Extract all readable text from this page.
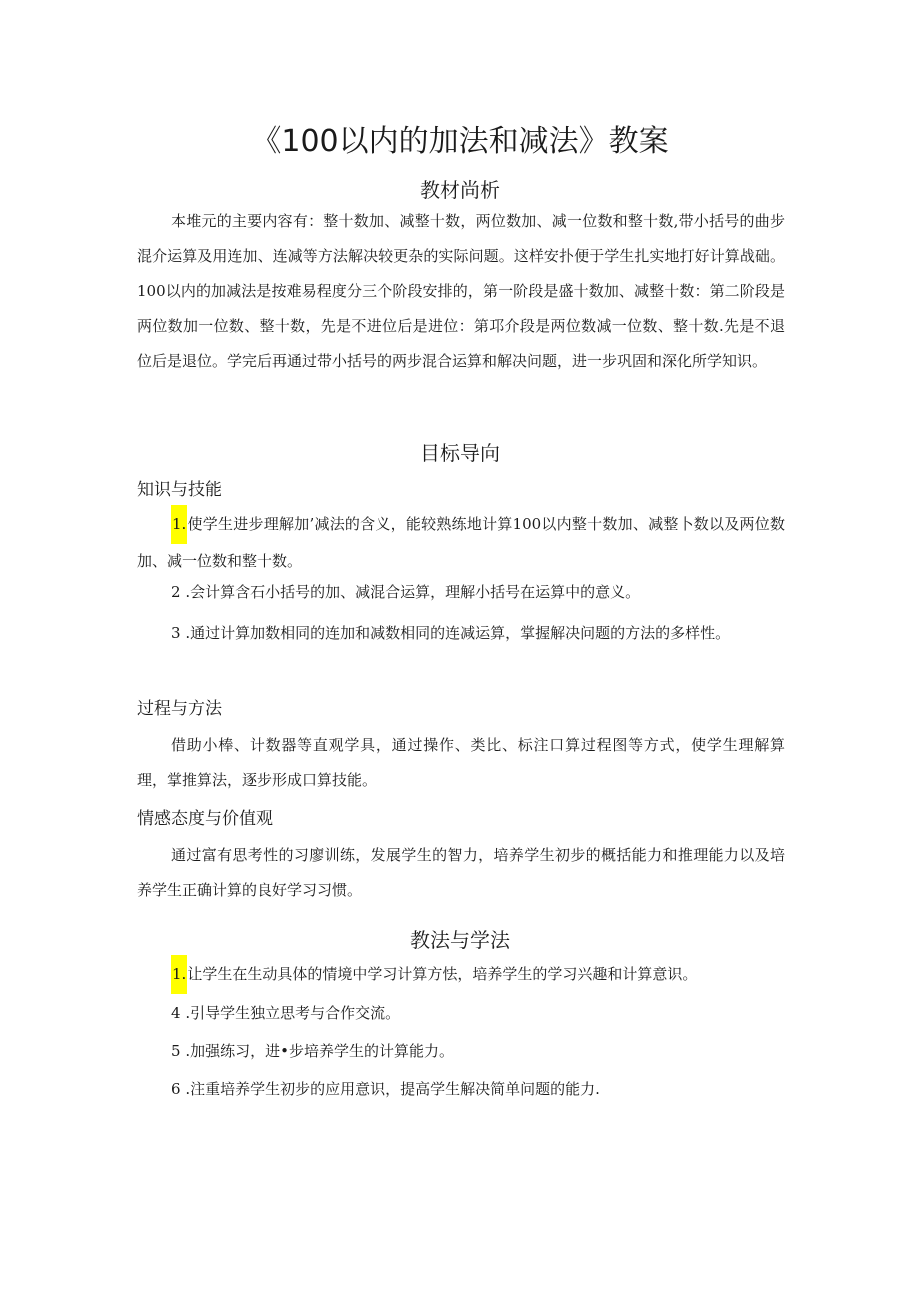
《100以内的加法和减法》教案
教材尚析
本堆元的主要内容有：整十数加、减整十数，两位数加、减一位数和整十数,带小括号的曲步混介运算及用连加、连减等方法解决较更杂的实际问题。这样安扑便于学生扎实地打好计算战础。100以内的加减法是按难易程度分三个阶段安排的，第一阶段是盛十数加、减整十数：第二阶段是两位数加一位数、整十数，先是不进位后是进位：第邛介段是两位数减一位数、整十数.先是不退位后是退位。学完后再通过带小括号的两步混合运算和解决问题，进一步巩固和深化所学知识。
目标导向
知识与技能
1.使学生进步理解加’减法的含义，能较熟练地计算100以内整十数加、减整卜数以及两位数加、减一位数和整十数。
2 .会计算含石小括号的加、减混合运算，理解小括号在运算中的意义。
3 .通过计算加数相同的连加和减数相同的连减运算，掌握解决问题的方法的多样性。
过程与方法
借助小棒、计数器等直观学具，通过操作、类比、标注口算过程图等方式，使学生理解算理，掌推算法，逐步形成口算技能。
情感态度与价值观
通过富有思考性的习廖训练，发展学生的智力，培养学生初步的概括能力和推理能力以及培养学生正确计算的良好学习习惯。
教法与学法
1.让学生在生动具体的情境中学习计算方怯，培养学生的学习兴趣和计算意识。
4 .引导学生独立思考与合作交流。
5 .加强练习，进•步培养学生的计算能力。
6 .注重培养学生初步的应用意识，提高学生解决简单问题的能力.
